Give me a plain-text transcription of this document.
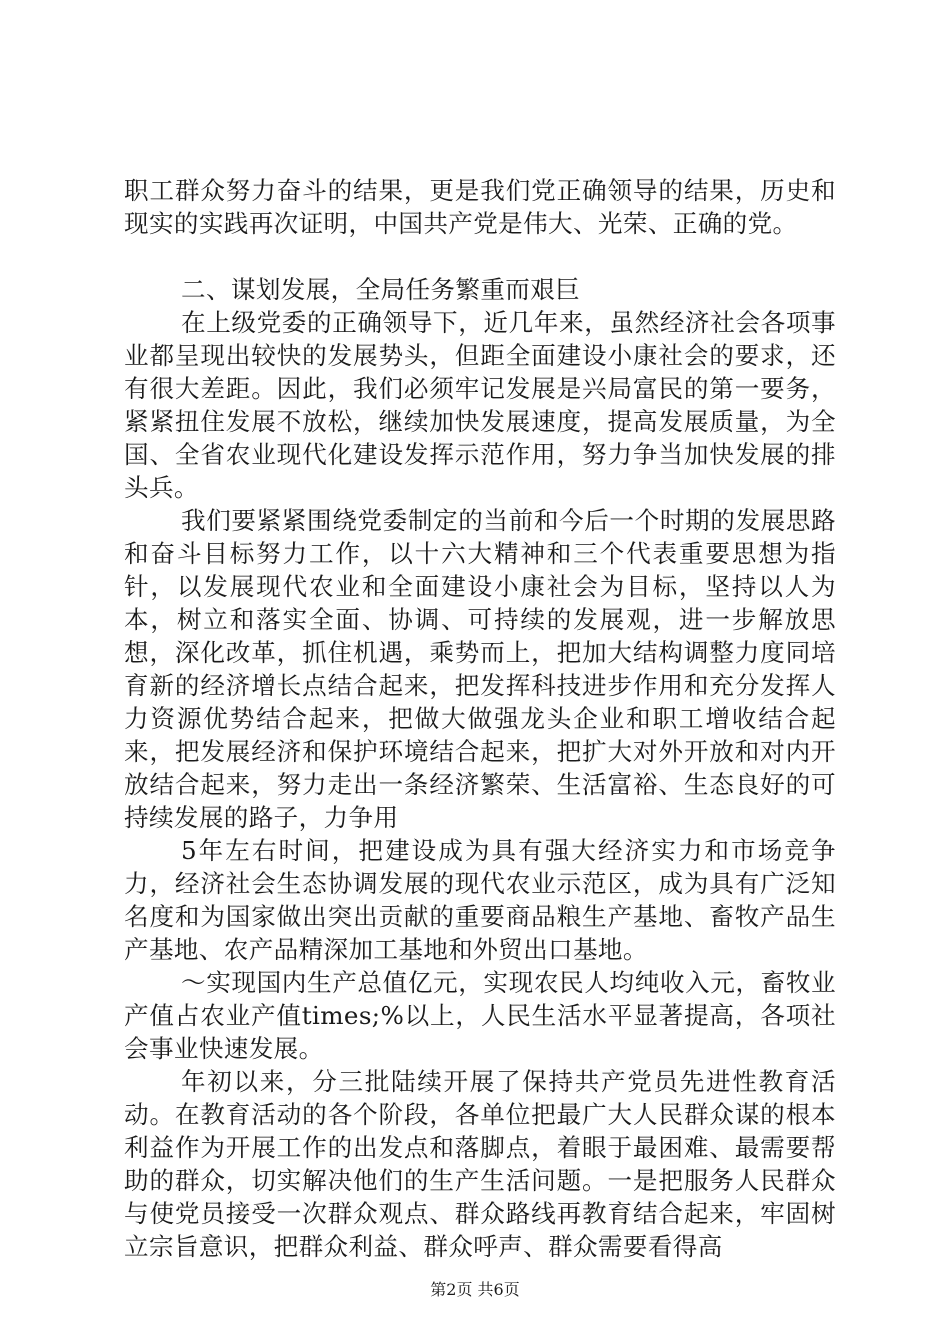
职工群众努力奋斗的结果，更是我们党正确领导的结果，历史和现实的实践再次证明，中国共产党是伟大、光荣、正确的党。

二、谋划发展，全局任务繁重而艰巨

在上级党委的正确领导下，近几年来，虽然经济社会各项事业都呈现出较快的发展势头，但距全面建设小康社会的要求，还有很大差距。因此，我们必须牢记发展是兴局富民的第一要务，紧紧扭住发展不放松，继续加快发展速度，提高发展质量，为全国、全省农业现代化建设发挥示范作用，努力争当加快发展的排头兵。

我们要紧紧围绕党委制定的当前和今后一个时期的发展思路和奋斗目标努力工作，以十六大精神和三个代表重要思想为指针，以发展现代农业和全面建设小康社会为目标，坚持以人为本，树立和落实全面、协调、可持续的发展观，进一步解放思想，深化改革，抓住机遇，乘势而上，把加大结构调整力度同培育新的经济增长点结合起来，把发挥科技进步作用和充分发挥人力资源优势结合起来，把做大做强龙头企业和职工增收结合起来，把发展经济和保护环境结合起来，把扩大对外开放和对内开放结合起来，努力走出一条经济繁荣、生活富裕、生态良好的可持续发展的路子，力争用

5年左右时间，把建设成为具有强大经济实力和市场竞争力，经济社会生态协调发展的现代农业示范区，成为具有广泛知名度和为国家做出突出贡献的重要商品粮生产基地、畜牧产品生产基地、农产品精深加工基地和外贸出口基地。

～实现国内生产总值亿元，实现农民人均纯收入元，畜牧业产值占农业产值times;%以上，人民生活水平显著提高，各项社会事业快速发展。

年初以来，分三批陆续开展了保持共产党员先进性教育活动。在教育活动的各个阶段，各单位把最广大人民群众谋的根本利益作为开展工作的出发点和落脚点，着眼于最困难、最需要帮助的群众，切实解决他们的生产生活问题。一是把服务人民群众与使党员接受一次群众观点、群众路线再教育结合起来，牢固树立宗旨意识，把群众利益、群众呼声、群众需要看得高

第2页 共6页
